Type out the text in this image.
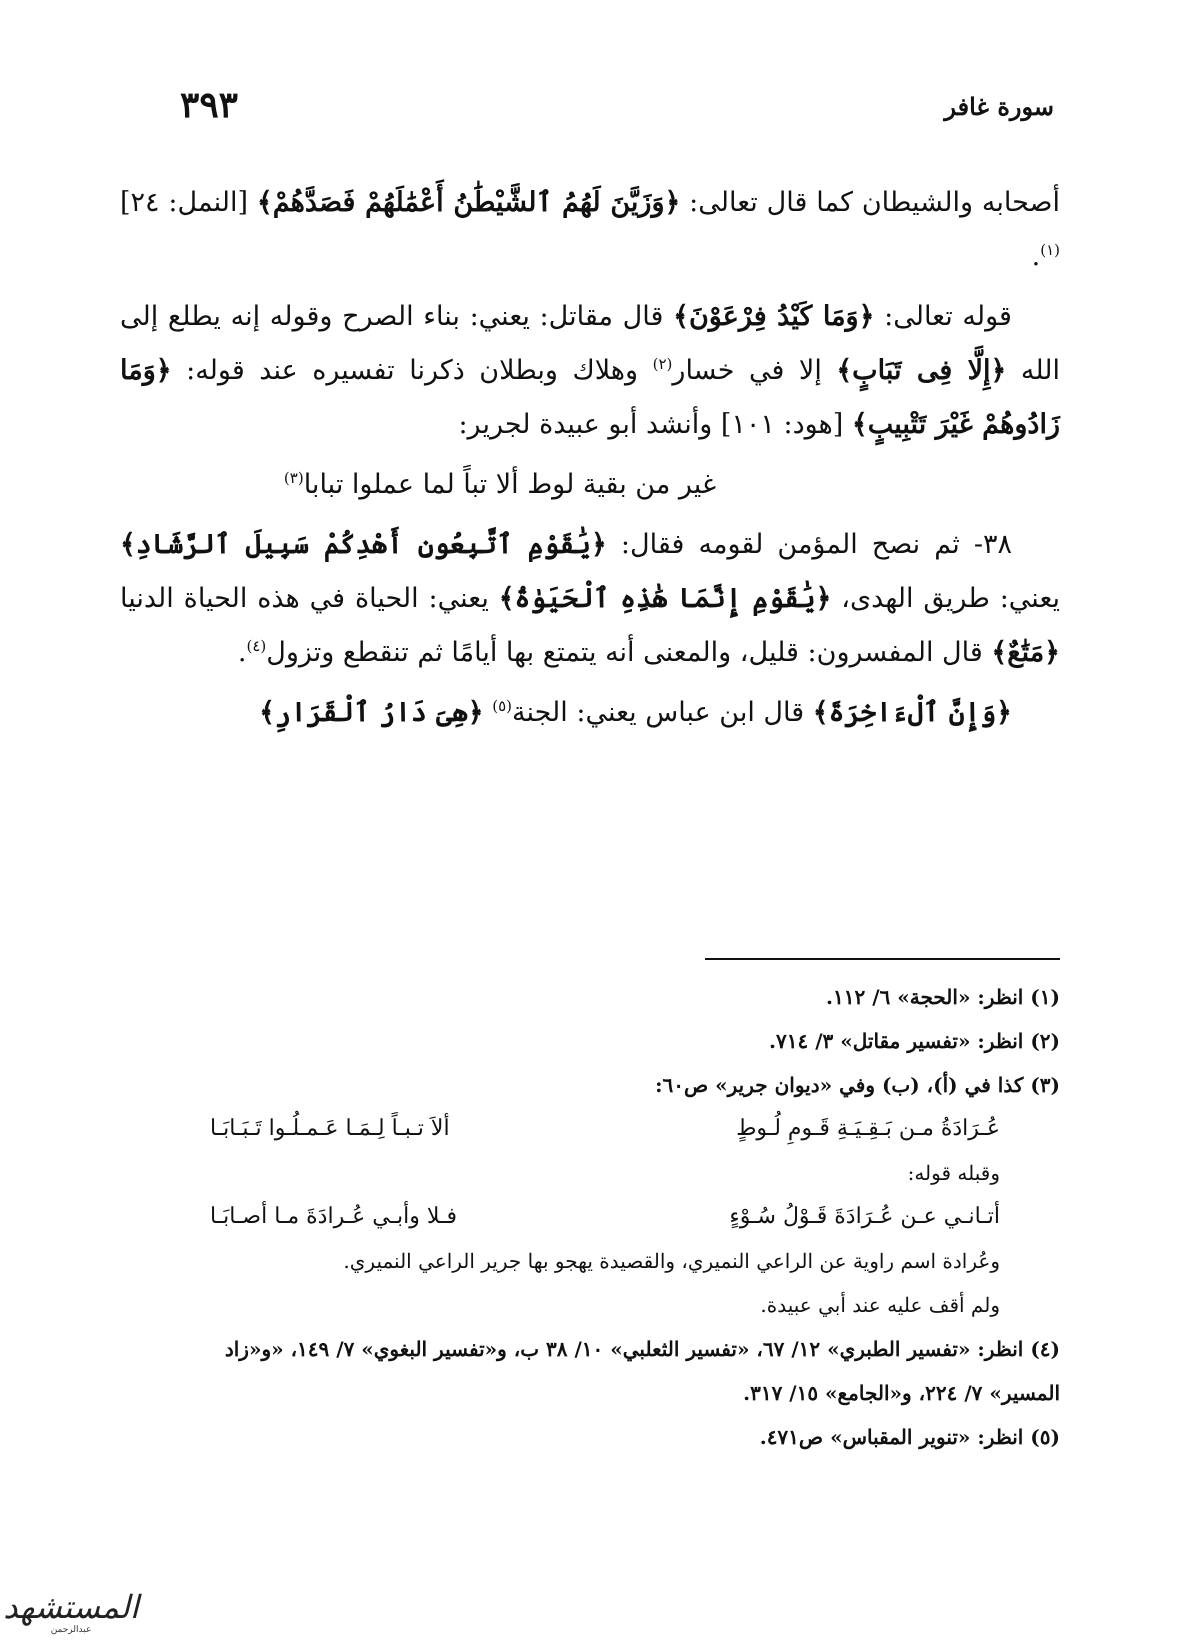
سورة غافر
٣٩٣

أصحابه والشيطان كما قال تعالى: ﴿وَزَيَّنَ لَهُمُ ٱلشَّيْطَٰنُ أَعْمَٰلَهُمْ فَصَدَّهُمْ﴾ [النمل: ٢٤]$^{(١)}$.

قوله تعالى: ﴿وَمَا كَيْدُ فِرْعَوْنَ﴾ قال مقاتل: يعني: بناء الصرح وقوله إنه يطلع إلى الله ﴿إِلَّا فِى تَبَابٍ﴾ إلا في خسار$^{(٢)}$ وهلاك وبطلان ذكرنا تفسيره عند قوله: ﴿وَمَا زَادُوهُمْ غَيْرَ تَتْبِيبٍ﴾ [هود: ١٠١] وأنشد أبو عبيدة لجرير:

غير من بقية لوط ألا تباً لما عملوا تبابا$^{(٣)}$

٣٨- ثم نصح المؤمن لقومه فقال: ﴿يَٰقَوْمِ ٱتَّبِعُونِ أَهْدِكُمْ سَبِيلَ ٱلرَّشَادِ﴾ يعني: طريق الهدى، ﴿يَٰقَوْمِ إِنَّمَا هَٰذِهِ ٱلْحَيَوٰةُ﴾ يعني: الحياة في هذه الحياة الدنيا ﴿مَتَٰعٌ﴾ قال المفسرون: قليل، والمعنى أنه يتمتع بها أيامًا ثم تنقطع وتزول$^{(٤)}$.

﴿وَإِنَّ ٱلْءَاخِرَةَ﴾ قال ابن عباس يعني: الجنة$^{(٥)}$ ﴿هِىَ دَارُ ٱلْقَرَارِ﴾

(١) انظر: «الحجة» ٦/ ١١٢.

(٢) انظر: «تفسير مقاتل» ٣/ ٧١٤.

(٣) كذا في (أ)، (ب) وفي «ديوان جرير» ص٦٠:

عُـرَادَةُ مـن بَـقِـيَـةِ قَـومِ لُـوطٍ
ألاَ تـبـاً لِـمَـا عَـمـلُـوا تَـبَـابَـا

وقبله قوله:

أتـانـي عـن عُـرَادَةَ قَـوْلُ سُـوْءٍ
فـلا وأبـي عُـرادَةَ مـا أصـابَـا

وعُرادة اسم راوية عن الراعي النميري، والقصيدة يهجو بها جرير الراعي النميري.

ولم أقف عليه عند أبي عبيدة.

(٤) انظر: «تفسير الطبري» ١٢/ ٦٧، «تفسير الثعلبي» ١٠/ ٣٨ ب، و«تفسير البغوي» ٧/ ١٤٩، «و«زاد المسير» ٧/ ٢٢٤، و«الجامع» ١٥/ ٣١٧.

(٥) انظر: «تنوير المقباس» ص٤٧١.

المستشهد
عبدالرحمن
